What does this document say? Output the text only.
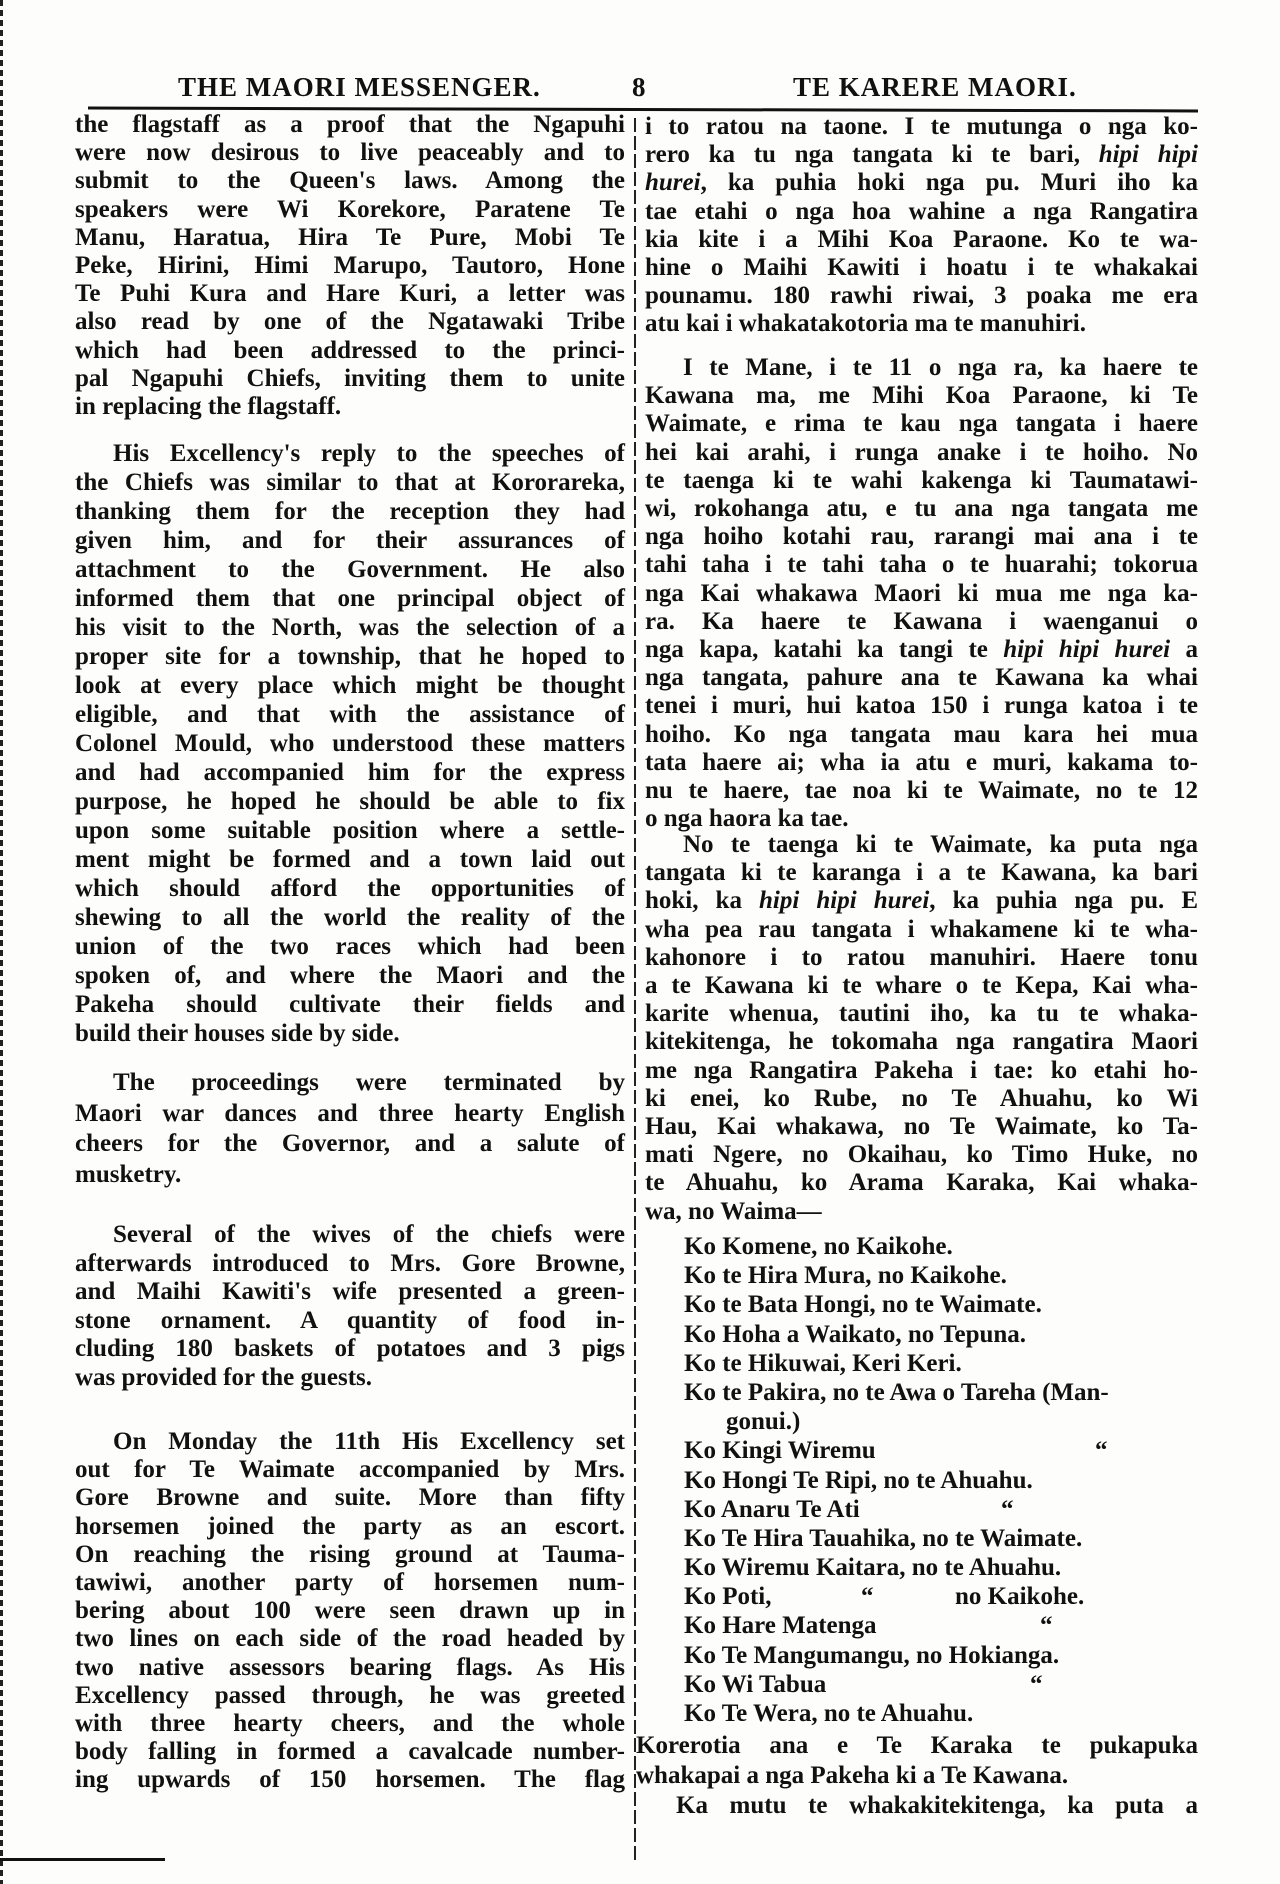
THE MAORI MESSENGER.	8	TE KARERE MAORI.
the flagstaff as a proof that the Ngapuhi
were now desirous to live peaceably and to
submit to the Queen's laws. Among the
speakers were Wi Korekore, Paratene Te
Manu, Haratua, Hira Te Pure, Mobi Te
Peke, Hirini, Himi Marupo, Tautoro, Hone
Te Puhi Kura and Hare Kuri, a letter was
also read by one of the Ngatawaki Tribe
which had been addressed to the princi-
pal Ngapuhi Chiefs, inviting them to unite
in replacing the flagstaff.
His Excellency's reply to the speeches of
the Chiefs was similar to that at Kororareka,
thanking them for the reception they had
given him, and for their assurances of
attachment to the Government. He also
informed them that one principal object of
his visit to the North, was the selection of a
proper site for a township, that he hoped to
look at every place which might be thought
eligible, and that with the assistance of
Colonel Mould, who understood these matters
and had accompanied him for the express
purpose, he hoped he should be able to fix
upon some suitable position where a settle-
ment might be formed and a town laid out
which should afford the opportunities of
shewing to all the world the reality of the
union of the two races which had been
spoken of, and where the Maori and the
Pakeha should cultivate their fields and
build their houses side by side.
The proceedings were terminated by
Maori war dances and three hearty English
cheers for the Governor, and a salute of
musketry.
Several of the wives of the chiefs were
afterwards introduced to Mrs. Gore Browne,
and Maihi Kawiti's wife presented a green-
stone ornament. A quantity of food in-
cluding 180 baskets of potatoes and 3 pigs
was provided for the guests.
On Monday the 11th His Excellency set
out for Te Waimate accompanied by Mrs.
Gore Browne and suite. More than fifty
horsemen joined the party as an escort.
On reaching the rising ground at Tauma-
tawiwi, another party of horsemen num-
bering about 100 were seen drawn up in
two lines on each side of the road headed by
two native assessors bearing flags. As His
Excellency passed through, he was greeted
with three hearty cheers, and the whole
body falling in formed a cavalcade number-
ing upwards of 150 horsemen. The flag
i to ratou na taone. I te mutunga o nga ko-
rero ka tu nga tangata ki te bari, hipi hipi
hurei, ka puhia hoki nga pu. Muri iho ka
tae etahi o nga hoa wahine a nga Rangatira
kia kite i a Mihi Koa Paraone. Ko te wa-
hine o Maihi Kawiti i hoatu i te whakakai
pounamu. 180 rawhi riwai, 3 poaka me era
atu kai i whakatakotoria ma te manuhiri.
I te Mane, i te 11 o nga ra, ka haere te
Kawana ma, me Mihi Koa Paraone, ki Te
Waimate, e rima te kau nga tangata i haere
hei kai arahi, i runga anake i te hoiho. No
te taenga ki te wahi kakenga ki Taumatawi-
wi, rokohanga atu, e tu ana nga tangata me
nga hoiho kotahi rau, rarangi mai ana i te
tahi taha i te tahi taha o te huarahi; tokorua
nga Kai whakawa Maori ki mua me nga ka-
ra. Ka haere te Kawana i waenganui o
nga kapa, katahi ka tangi te hipi hipi hurei a
nga tangata, pahure ana te Kawana ka whai
tenei i muri, hui katoa 150 i runga katoa i te
hoiho. Ko nga tangata mau kara hei mua
tata haere ai; wha ia atu e muri, kakama to-
nu te haere, tae noa ki te Waimate, no te 12
o nga haora ka tae.
No te taenga ki te Waimate, ka puta nga
tangata ki te karanga i a te Kawana, ka bari
hoki, ka hipi hipi hurei, ka puhia nga pu. E
wha pea rau tangata i whakamene ki te wha-
kahonore i to ratou manuhiri. Haere tonu
a te Kawana ki te whare o te Kepa, Kai wha-
karite whenua, tautini iho, ka tu te whaka-
kitekitenga, he tokomaha nga rangatira Maori
me nga Rangatira Pakeha i tae: ko etahi ho-
ki enei, ko Rube, no Te Ahuahu, ko Wi
Hau, Kai whakawa, no Te Waimate, ko Ta-
mati Ngere, no Okaihau, ko Timo Huke, no
te Ahuahu, ko Arama Karaka, Kai whaka-
wa, no Waima—
Ko Komene, no Kaikohe.
Ko te Hira Mura, no Kaikohe.
Ko te Bata Hongi, no te Waimate.
Ko Hoha a Waikato, no Tepuna.
Ko te Hikuwai, Keri Keri.
Ko te Pakira, no te Awa o Tareha (Man-
gonui.)
Ko Kingi Wiremu	“
Ko Hongi Te Ripi, no te Ahuahu.
Ko Anaru Te Ati	“
Ko Te Hira Tauahika, no te Waimate.
Ko Wiremu Kaitara, no te Ahuahu.
Ko Poti,	“	no Kaikohe.
Ko Hare Matenga	“
Ko Te Mangumangu, no Hokianga.
Ko Wi Tabua	“
Ko Te Wera, no te Ahuahu.
Korerotia ana e Te Karaka te pukapuka
whakapai a nga Pakeha ki a Te Kawana.
Ka mutu te whakakitekitenga, ka puta a
